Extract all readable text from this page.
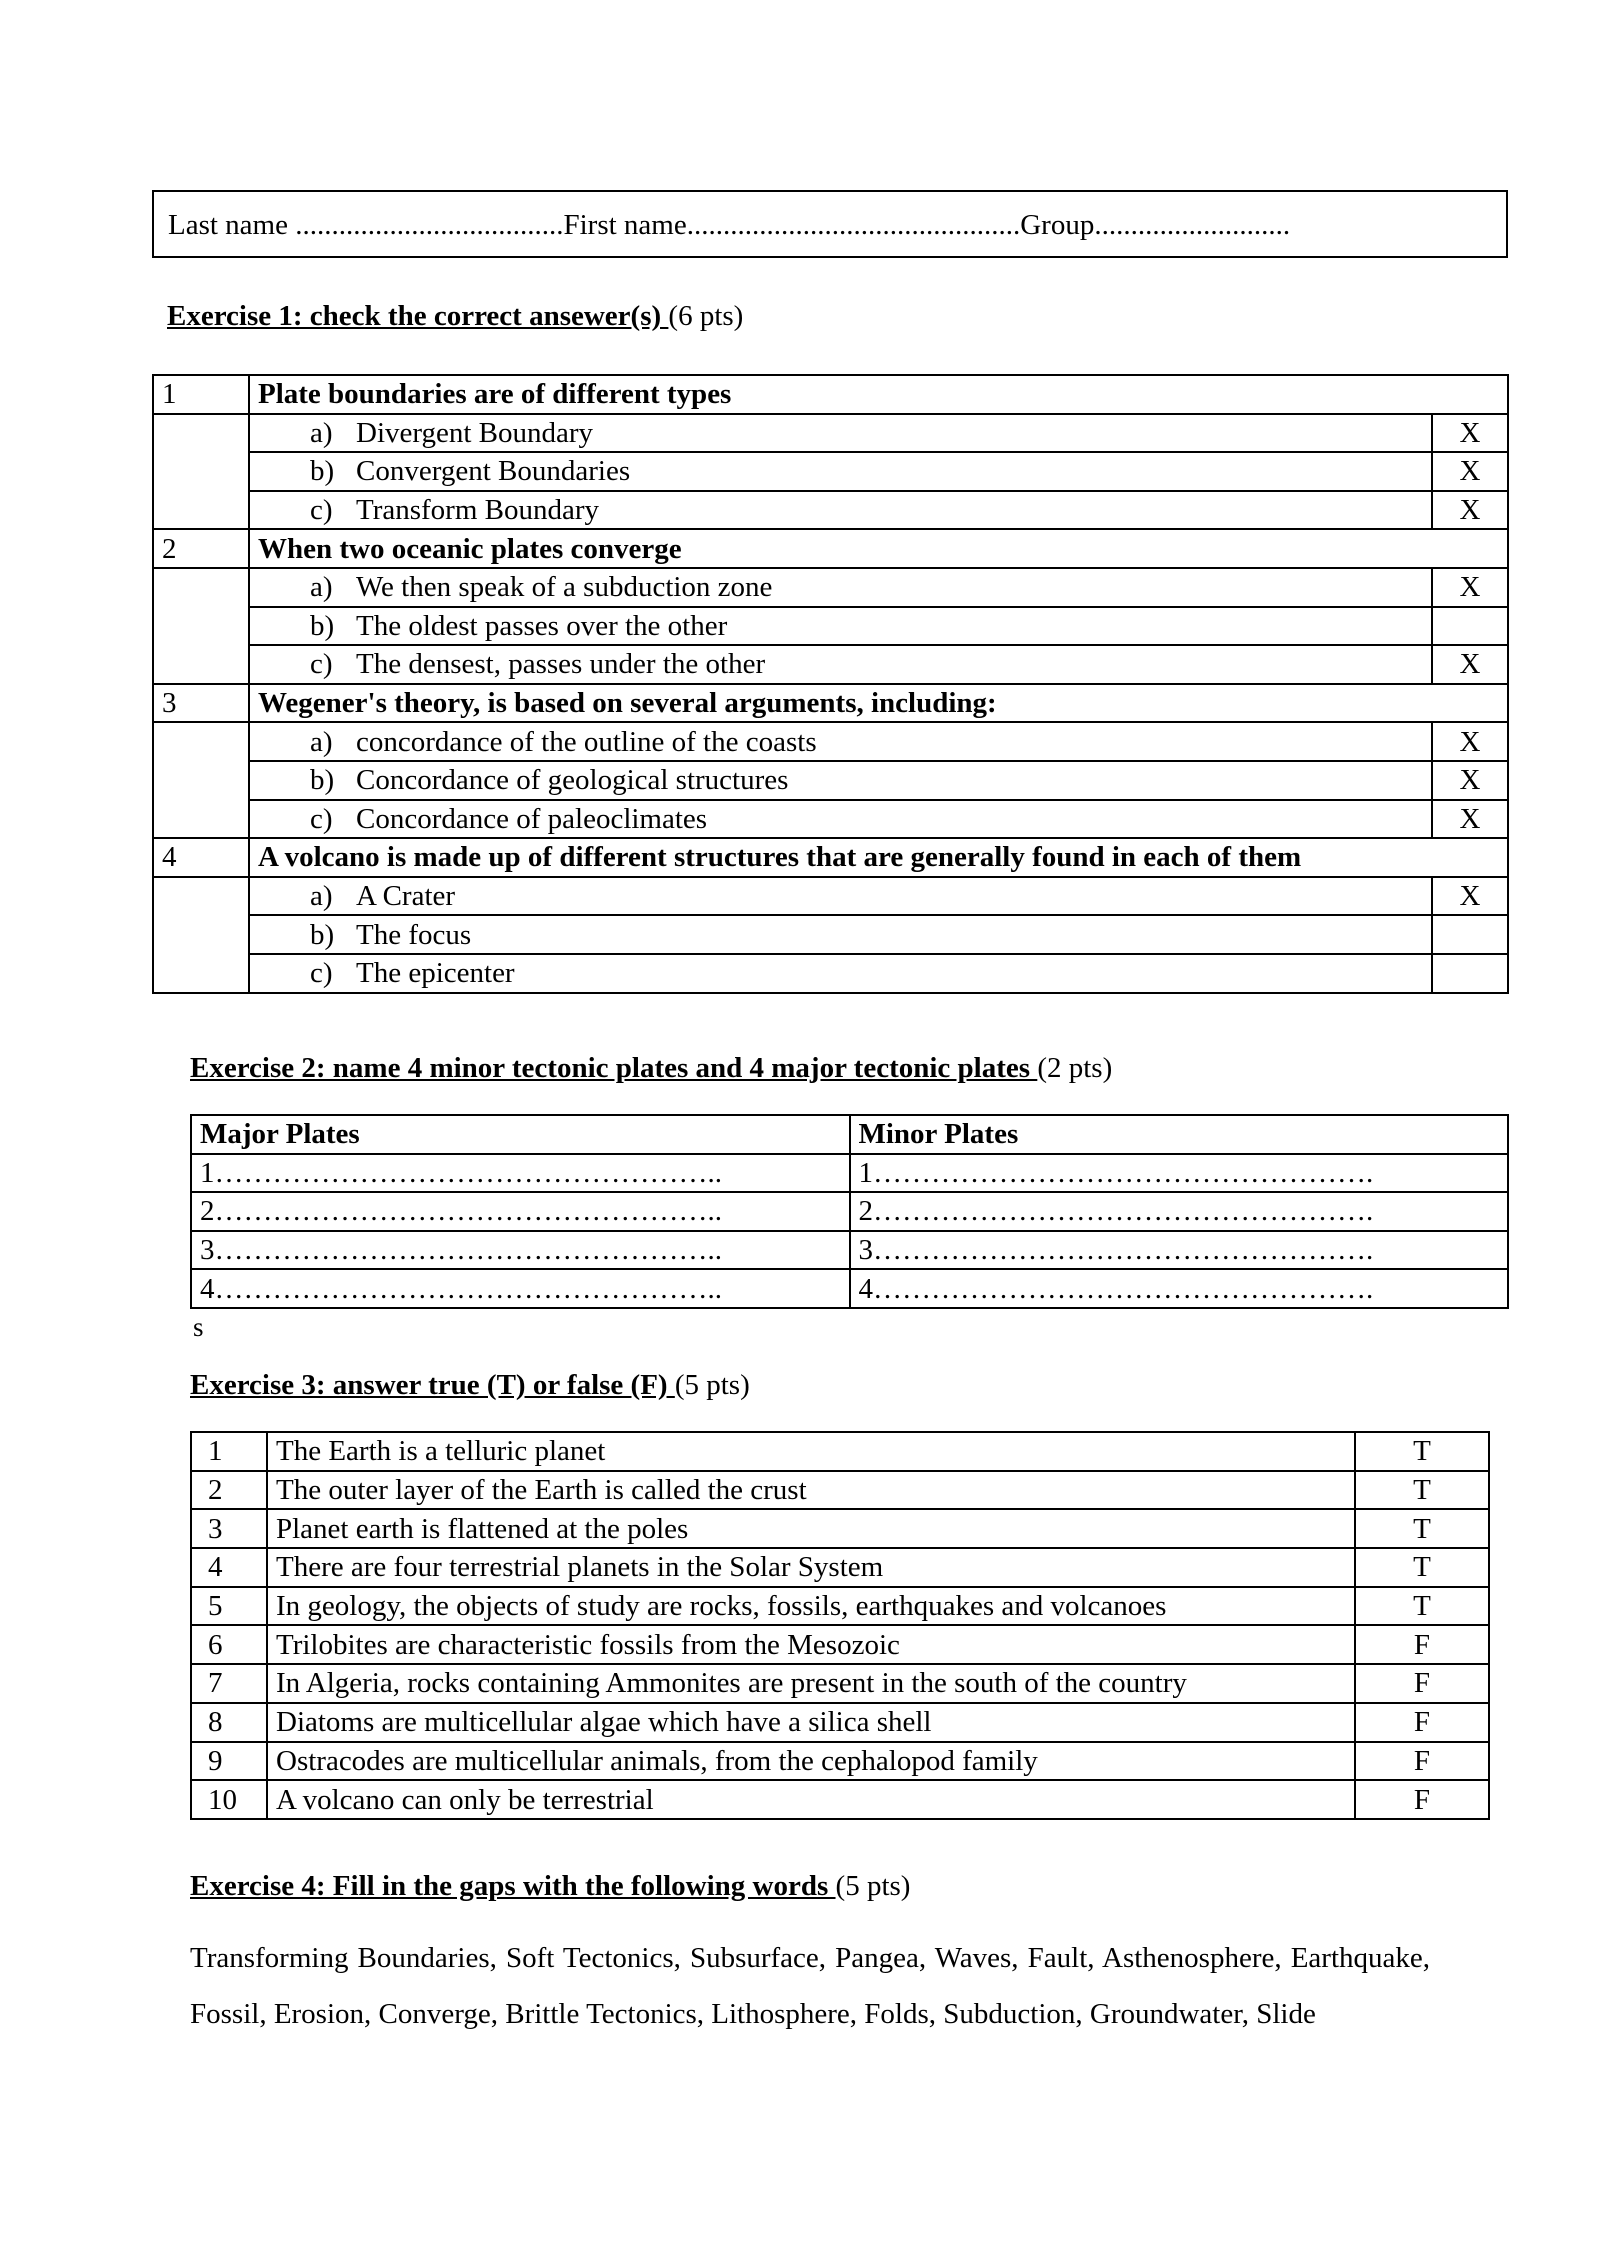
Last name .....................................First name..............................................Group...........................
Exercise 1: check the correct ansewer(s) (6 pts)
1	Plate boundaries are of different types	
	a) Divergent Boundary	X
	b) Convergent Boundaries	X
	c) Transform Boundary	X
2	When two oceanic plates converge	
	a) We then speak of a subduction zone	X
	b) The oldest passes over the other	
	c) The densest, passes under the other	X
3	Wegener's theory, is based on several arguments, including:	
	a) concordance of the outline of the coasts	X
	b) Concordance of geological structures	X
	c) Concordance of paleoclimates	X
4	A volcano is made up of different structures that are generally found in each of them	
	a) A Crater	X
	b) The focus	
	c) The epicenter	
Exercise 2: name 4 minor tectonic plates and 4 major tectonic plates (2 pts)
Major Plates	Minor Plates
1……………………………………………..	1…………………………………………….
2……………………………………………..	2…………………………………………….
3……………………………………………..	3…………………………………………….
4……………………………………………..	4…………………………………………….
s
Exercise 3: answer true (T) or false (F) (5 pts)
1	The Earth is a telluric planet	T
2	The outer layer of the Earth is called the crust	T
3	Planet earth is flattened at the poles	T
4	There are four terrestrial planets in the Solar System	T
5	In geology, the objects of study are rocks, fossils, earthquakes and volcanoes	T
6	Trilobites are characteristic fossils from the Mesozoic	F
7	In Algeria, rocks containing Ammonites are present in the south of the country	F
8	Diatoms are multicellular algae which have a silica shell	F
9	Ostracodes are multicellular animals, from the cephalopod family	F
10	A volcano can only be terrestrial	F
Exercise 4: Fill in the gaps with the following words (5 pts)
Transforming Boundaries, Soft Tectonics, Subsurface, Pangea, Waves, Fault, Asthenosphere, Earthquake, Fossil, Erosion, Converge, Brittle Tectonics, Lithosphere, Folds, Subduction, Groundwater, Slide
